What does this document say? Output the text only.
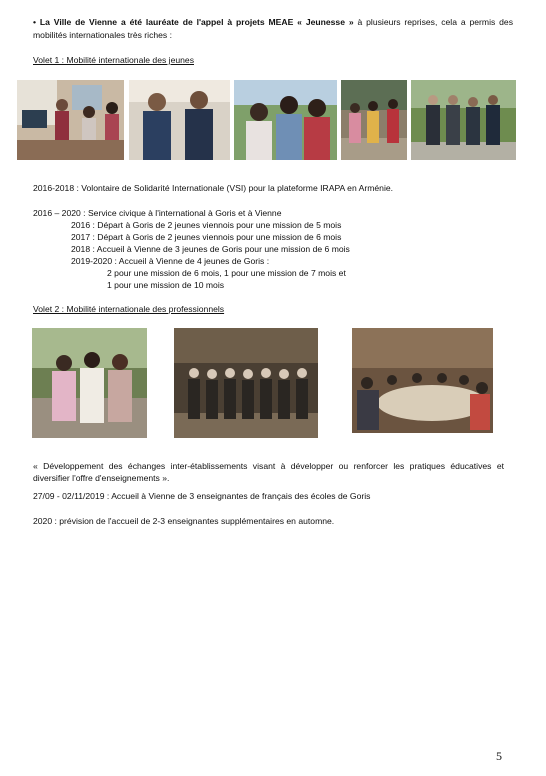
• La Ville de Vienne a été lauréate de l'appel à projets MEAE « Jeunesse » à plusieurs reprises, cela a permis des mobilités internationales très riches :
Volet 1 : Mobilité internationale des jeunes
2016-2018 : Volontaire de Solidarité Internationale (VSI) pour la plateforme IRAPA en Arménie.
2016 – 2020 : Service civique à l'international à Goris et à Vienne
2016 : Départ à Goris de 2 jeunes viennois pour une mission de 5 mois
2017 : Départ à Goris de 2 jeunes viennois pour une mission de 6 mois
2018 : Accueil à Vienne de 3 jeunes de Goris pour une mission de 6 mois
2019-2020 : Accueil à Vienne de 4 jeunes de Goris :
2 pour une mission de 6 mois, 1 pour une mission de 7 mois et
1 pour une mission de 10 mois
Volet 2 : Mobilité internationale des professionnels
« Développement des échanges inter-établissements visant à développer ou renforcer les pratiques éducatives et diversifier l'offre d'enseignements ».
27/09 - 02/11/2019 : Accueil à Vienne de 3 enseignantes de français des écoles de Goris
2020 : prévision de l'accueil de 2-3 enseignantes supplémentaires en automne.
5
